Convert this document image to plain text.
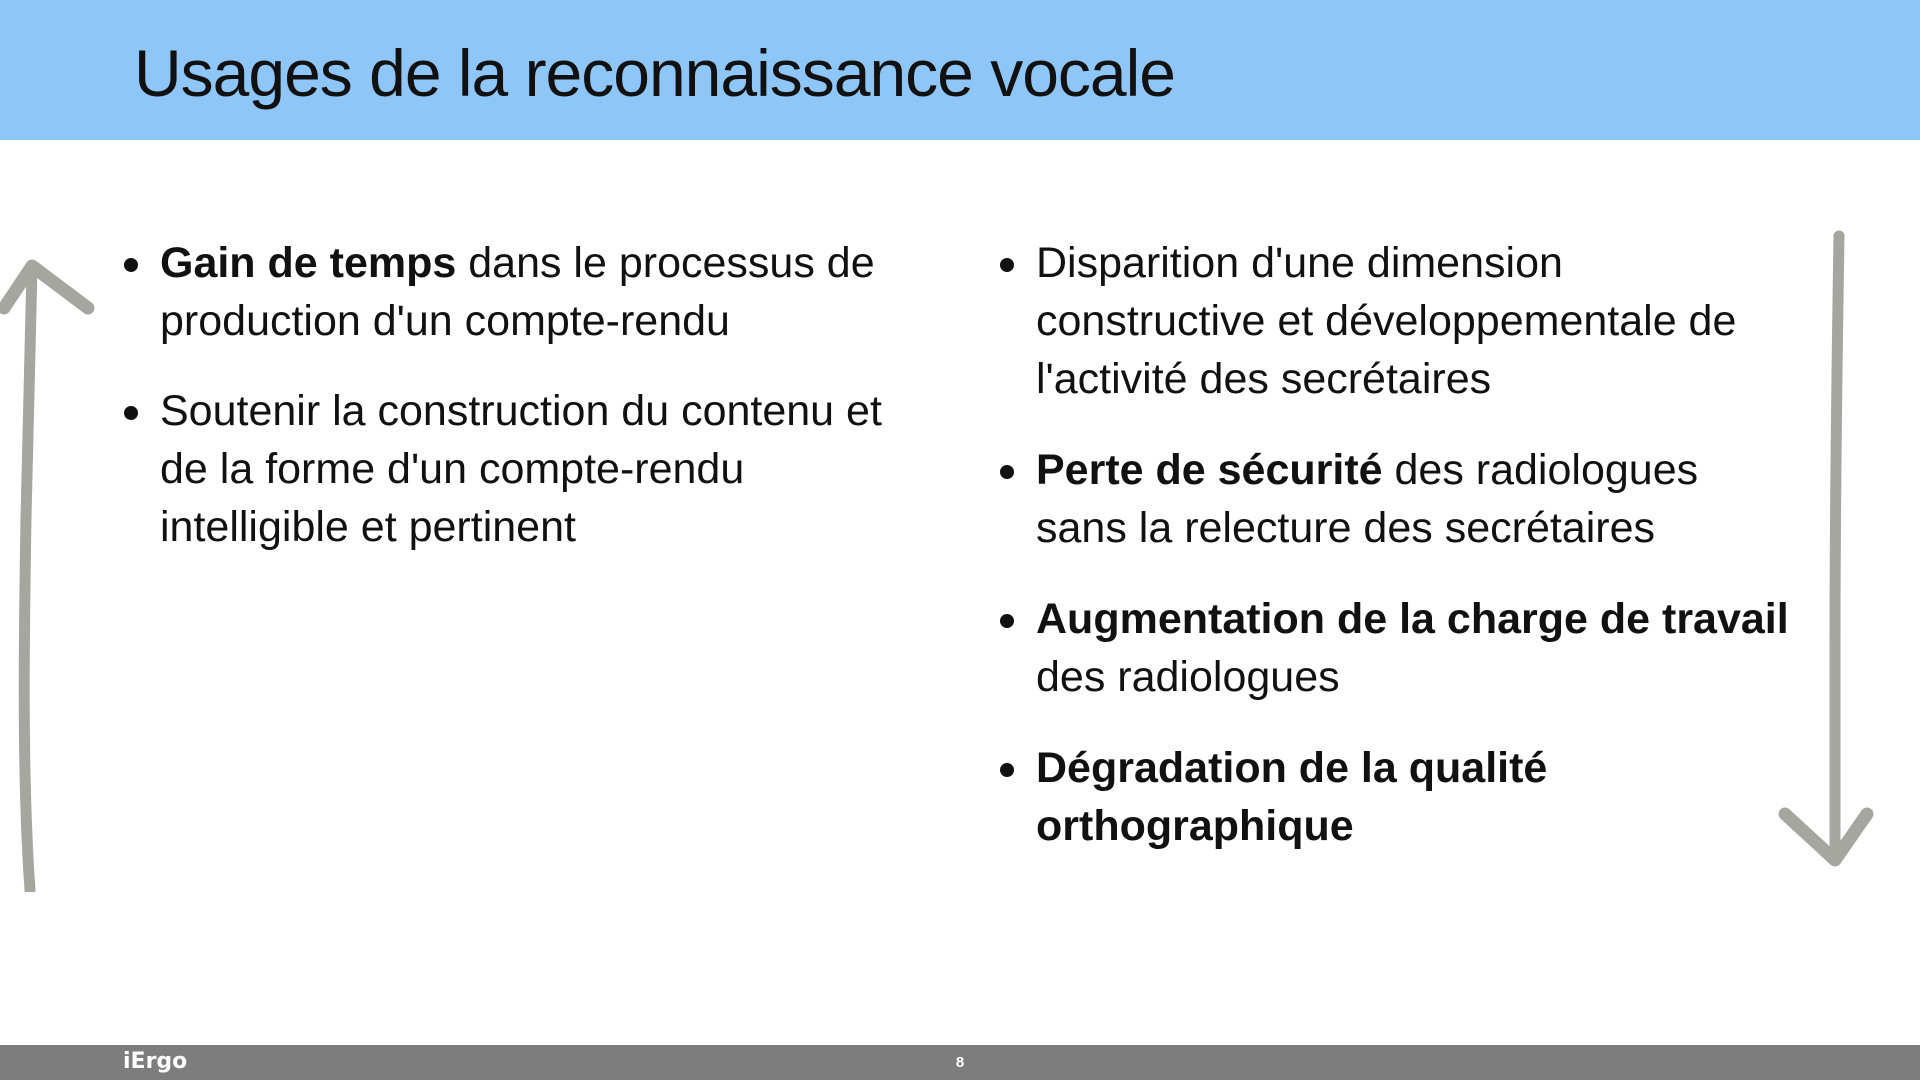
Usages de la reconnaissance vocale
Gain de temps dans le processus de production d'un compte-rendu
Soutenir la construction du contenu et de la forme d'un compte-rendu intelligible et pertinent
Disparition d'une dimension constructive et développementale de l'activité des secrétaires
Perte de sécurité des radiologues sans la relecture des secrétaires
Augmentation de la charge de travail des radiologues
Dégradation de la qualité orthographique
iErgo	8
